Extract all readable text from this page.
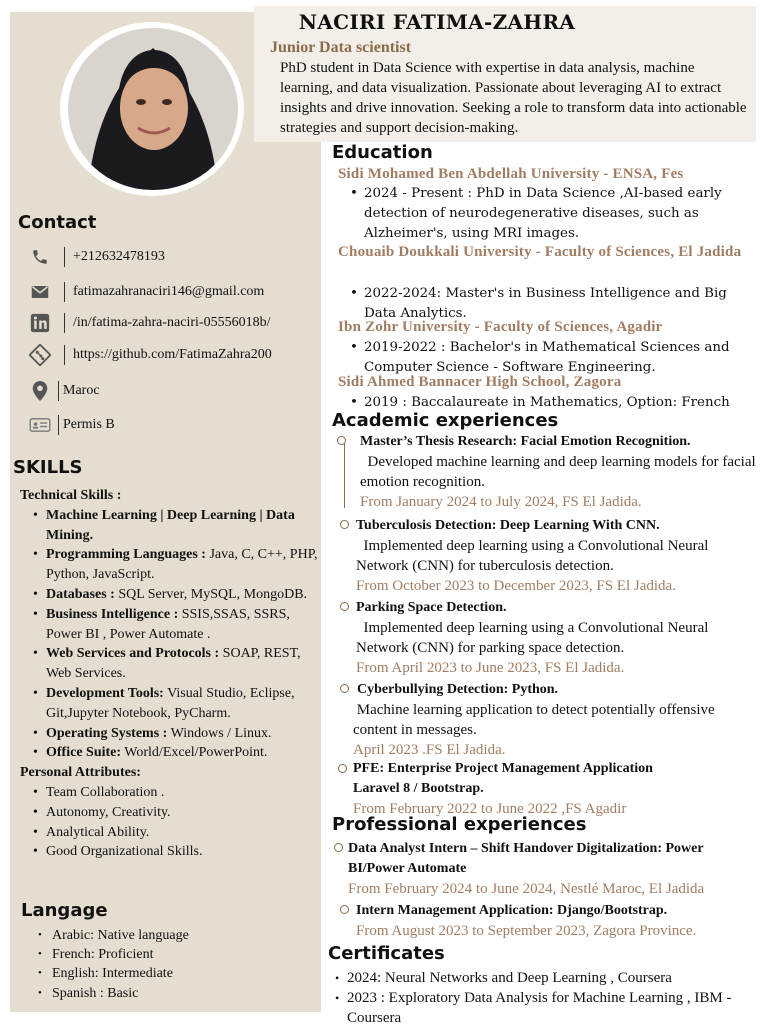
NACIRI FATIMA-ZAHRA
Junior Data scientist
PhD student in Data Science with expertise in data analysis, machine learning, and data visualization. Passionate about leveraging AI to extract insights and drive innovation. Seeking a role to transform data into actionable strategies and support decision-making.
Contact
+212632478193
fatimazahranaciri146@gmail.com
/in/fatima-zahra-naciri-05556018b/
https://github.com/FatimaZahra200
Maroc
Permis B
SKILLS
Technical Skills :
• Machine Learning | Deep Learning | Data Mining.
• Programming Languages : Java, C, C++, PHP, Python, JavaScript.
• Databases : SQL Server, MySQL, MongoDB.
• Business Intelligence : SSIS,SSAS, SSRS, Power BI , Power Automate .
• Web Services and Protocols : SOAP, REST, Web Services.
• Development Tools: Visual Studio, Eclipse, Git,Jupyter Notebook, PyCharm.
• Operating Systems : Windows / Linux.
• Office Suite: World/Excel/PowerPoint.
Personal Attributes:
• Team Collaboration .
• Autonomy, Creativity.
• Analytical Ability.
• Good Organizational Skills.
Langage
• Arabic: Native language
• French: Proficient
• English: Intermediate
• Spanish : Basic
Education
Sidi Mohamed Ben Abdellah University - ENSA, Fes
• 2024 - Present : PhD in Data Science ,AI-based early detection of neurodegenerative diseases, such as Alzheimer's, using MRI images.
Chouaib Doukkali University - Faculty of Sciences, El Jadida
• 2022-2024: Master's in Business Intelligence and Big Data Analytics.
Ibn Zohr University - Faculty of Sciences, Agadir
• 2019-2022 : Bachelor's in Mathematical Sciences and Computer Science - Software Engineering.
Sidi Ahmed Bannacer High School, Zagora
• 2019 : Baccalaureate in Mathematics, Option: French
Academic experiences
Master’s Thesis Research: Facial Emotion Recognition.
Developed machine learning and deep learning models for facial emotion recognition.
From January 2024 to July 2024, FS El Jadida.
Tuberculosis Detection: Deep Learning With CNN.
Implemented deep learning using a Convolutional Neural Network (CNN) for tuberculosis detection.
From October 2023 to December 2023, FS El Jadida.
Parking Space Detection.
Implemented deep learning using a Convolutional Neural Network (CNN) for parking space detection.
From April 2023 to June 2023, FS El Jadida.
Cyberbullying Detection: Python.
Machine learning application to detect potentially offensive content in messages.
April 2023 .FS El Jadida.
PFE: Enterprise Project Management Application Laravel 8 / Bootstrap.
From February 2022 to June 2022 ,FS Agadir
Professional experiences
Data Analyst Intern – Shift Handover Digitalization: Power BI/Power Automate
From February 2024 to June 2024, Nestlé Maroc, El Jadida
Intern Management Application: Django/Bootstrap.
From August 2023 to September 2023, Zagora Province.
Certificates
• 2024: Neural Networks and Deep Learning , Coursera
• 2023 : Exploratory Data Analysis for Machine Learning , IBM - Coursera
